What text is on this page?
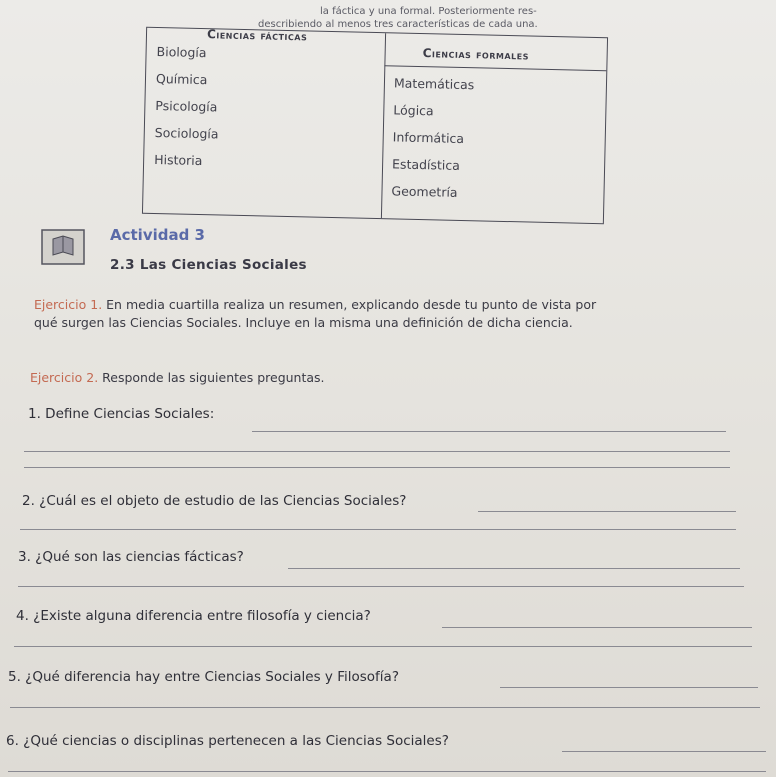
la fáctica y una formal. Posteriormente res-
describiendo al menos tres características de cada una.
Ciencias fácticas
Ciencias formales
Biología
Química
Psicología
Sociología
Historia
Matemáticas
Lógica
Informática
Estadística
Geometría
Actividad 3
2.3 Las Ciencias Sociales
Ejercicio 1. En media cuartilla realiza un resumen, explicando desde tu punto de vista por
qué surgen las Ciencias Sociales. Incluye en la misma una definición de dicha ciencia.
Ejercicio 2. Responde las siguientes preguntas.
1. Define Ciencias Sociales:
2. ¿Cuál es el objeto de estudio de las Ciencias Sociales?
3. ¿Qué son las ciencias fácticas?
4. ¿Existe alguna diferencia entre filosofía y ciencia?
5. ¿Qué diferencia hay entre Ciencias Sociales y Filosofía?
6. ¿Qué ciencias o disciplinas pertenecen a las Ciencias Sociales?
